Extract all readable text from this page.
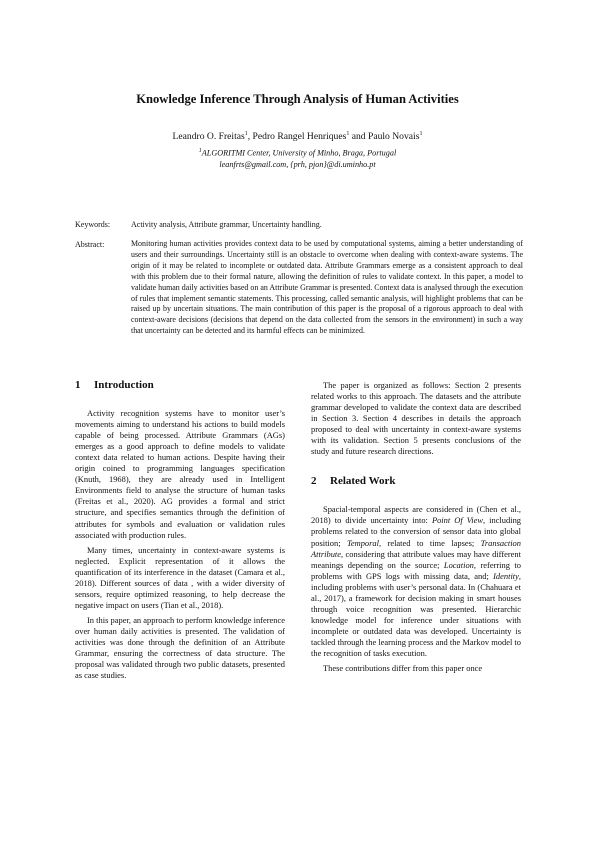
Knowledge Inference Through Analysis of Human Activities
Leandro O. Freitas$^1$, Pedro Rangel Henriques$^1$ and Paulo Novais$^1$
$^1$ALGORITMI Center, University of Minho, Braga, Portugal
leanfrts@gmail.com, {prh, pjon}@di.uminho.pt
Keywords:	Activity analysis, Attribute grammar, Uncertainty handling.
Abstract:	Monitoring human activities provides context data to be used by computational systems, aiming a better understanding of users and their surroundings. Uncertainty still is an obstacle to overcome when dealing with context-aware systems. The origin of it may be related to incomplete or outdated data. Attribute Grammars emerge as a consistent approach to deal with this problem due to their formal nature, allowing the definition of rules to validate context. In this paper, a model to validate human daily activities based on an Attribute Grammar is presented. Context data is analysed through the execution of rules that implement semantic statements. This processing, called semantic analysis, will highlight problems that can be raised up by uncertain situations. The main contribution of this paper is the proposal of a rigorous approach to deal with context-aware decisions (decisions that depend on the data collected from the sensors in the environment) in such a way that uncertainty can be detected and its harmful effects can be minimized.
1 Introduction

Activity recognition systems have to monitor user’s movements aiming to understand his actions to build models capable of being processed. Attribute Grammars (AGs) emerges as a good approach to define models to validate context data related to human actions. Despite having their origin coined to programming languages specification (Knuth, 1968), they are already used in Intelligent Environments field to analyse the structure of human tasks (Freitas et al., 2020). AG provides a formal and strict structure, and specifies semantics through the definition of attributes for symbols and evaluation or validation rules associated with production rules.

Many times, uncertainty in context-aware systems is neglected. Explicit representation of it allows the quantification of its interference in the dataset (Camara et al., 2018). Different sources of data , with a wider diversity of sensors, require optimized reasoning, to help decrease the negative impact on users (Tian et al., 2018).

In this paper, an approach to perform knowledge inference over human daily activities is presented. The validation of activities was done through the definition of an Attribute Grammar, ensuring the correctness of data structure. The proposal was validated through two public datasets, presented as case studies.

The paper is organized as follows: Section 2 presents related works to this approach. The datasets and the attribute grammar developed to validate the context data are described in Section 3. Section 4 describes in details the approach proposed to deal with uncertainty in context-aware systems with its validation. Section 5 presents conclusions of the study and future research directions.

2 Related Work

Spacial-temporal aspects are considered in (Chen et al., 2018) to divide uncertainty into: Point Of View, including problems related to the conversion of sensor data into global position; Temporal, related to time lapses; Transaction Attribute, considering that attribute values may have different meanings depending on the source; Location, referring to problems with GPS logs with missing data, and; Identity, including problems with user’s personal data. In (Chahuara et al., 2017), a framework for decision making in smart houses through voice recognition was presented. Hierarchic knowledge model for inference under situations with incomplete or outdated data was developed. Uncertainty is tackled through the learning process and the Markov model to the recognition of tasks execution.

These contributions differ from this paper once
